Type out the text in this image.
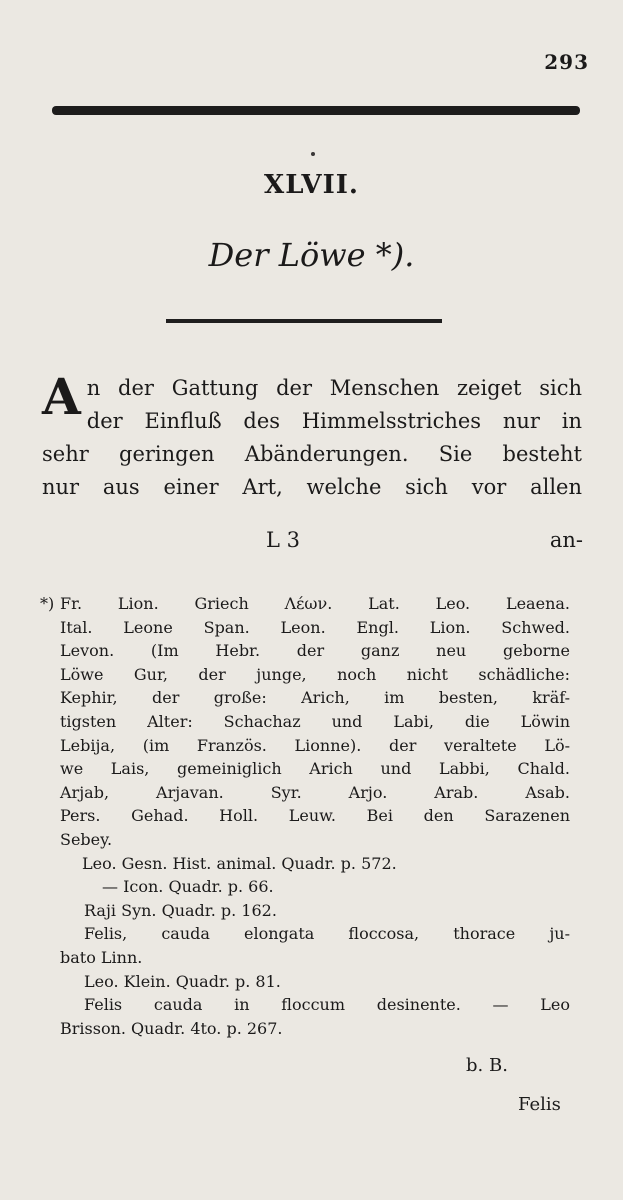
293
XLVII.
Der Löwe *).
A n der Gattung der Menschen zeiget sich
der Einfluß des Himmelsstriches nur in
sehr geringen Abänderungen. Sie besteht
nur aus einer Art, welche sich vor allen
L 3	an-
*) Fr. Lion. Griech Λέων. Lat. Leo. Leaena.
Ital. Leone Span. Leon. Engl. Lion. Schwed.
Levon. (Im Hebr. der ganz neu geborne
Löwe Gur, der junge, noch nicht schädliche:
Kephir, der große: Arich, im besten, kräf-
tigsten Alter: Schachaz und Labi, die Löwin
Lebija, (im Französ. Lionne). der veraltete Lö-
we Lais, gemeiniglich Arich und Labbi, Chald.
Arjab, Arjavan. Syr. Arjo. Arab. Asab.
Pers. Gehad. Holl. Leuw. Bei den Sarazenen
Sebey.
Leo. Gesn. Hist. animal. Quadr. p. 572.
— Icon. Quadr. p. 66.
Raji Syn. Quadr. p. 162.
Felis, cauda elongata floccosa, thorace ju-
bato Linn.
Leo. Klein. Quadr. p. 81.
Felis cauda in floccum desinente. — Leo
Brisson. Quadr. 4to. p. 267.
b. B.
Felis
